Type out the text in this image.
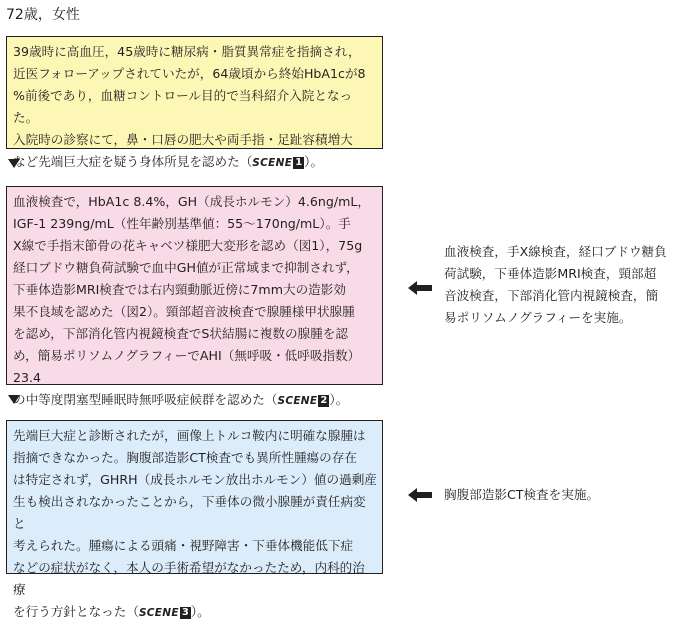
72歳，女性

39歳時に高血圧，45歳時に糖尿病・脂質異常症を指摘され，
近医フォローアップされていたが，64歳頃から終始HbA1cが8
%前後であり，血糖コントロール目的で当科紹介入院となった。
入院時の診察にて，鼻・口唇の肥大や両手指・足趾容積増大
など先端巨大症を疑う身体所見を認めた（SCENE 1 ）。

血液検査で，HbA1c 8.4%，GH（成長ホルモン）4.6ng/mL，
IGF-1 239ng/mL（性年齢別基準値：55～170ng/mL）。手
X線で手指末節骨の花キャベツ様肥大変形を認め（図1），75g
経口ブドウ糖負荷試験で血中GH値が正常域まで抑制されず，
下垂体造影MRI検査では右内頸動脈近傍に7mm大の造影効
果不良域を認めた（図2）。頸部超音波検査で腺腫様甲状腺腫
を認め，下部消化管内視鏡検査でS状結腸に複数の腺腫を認
め，簡易ポリソムノグラフィーでAHI（無呼吸・低呼吸指数）23.4
の中等度閉塞型睡眠時無呼吸症候群を認めた（SCENE 2 ）。

先端巨大症と診断されたが，画像上トルコ鞍内に明確な腺腫は
指摘できなかった。胸腹部造影CT検査でも異所性腫瘍の存在
は特定されず，GHRH（成長ホルモン放出ホルモン）値の過剰産
生も検出されなかったことから，下垂体の微小腺腫が責任病変と
考えられた。腫瘍による頭痛・視野障害・下垂体機能低下症
などの症状がなく，本人の手術希望がなかったため，内科的治療
を行う方針となった（SCENE 3 ）。

血液検査，手X線検査，経口ブドウ糖負
荷試験，下垂体造影MRI検査，頸部超
音波検査，下部消化管内視鏡検査，簡
易ポリソムノグラフィーを実施。
胸腹部造影CT検査を実施。
